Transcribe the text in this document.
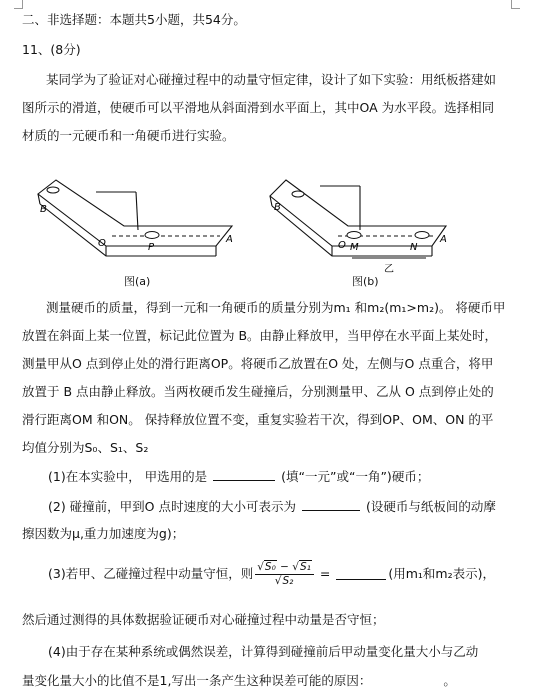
二、非选择题：本题共5小题，共54分。
11、(8分)
某同学为了验证对心碰撞过程中的动量守恒定律，设计了如下实验：用纸板搭建如
图所示的滑道，使硬币可以平滑地从斜面滑到水平面上，其中OA 为水平段。选择相同
材质的一元硬币和一角硬币进行实验。
B
O	P
A
图(a)
B
O M	N
A
乙
图(b)
测量硬币的质量，得到一元和一角硬币的质量分别为m₁ 和m₂(m₁>m₂)。 将硬币甲
放置在斜面上某一位置，标记此位置为 B。由静止释放甲，当甲停在水平面上某处时，
测量甲从O 点到停止处的滑行距离OP。将硬币乙放置在O 处，左侧与O 点重合，将甲
放置于 B 点由静止释放。当两枚硬币发生碰撞后，分别测量甲、乙从 O 点到停止处的
滑行距离OM 和ON。 保持释放位置不变，重复实验若干次，得到OP、OM、ON 的平
均值分别为S₀、S₁、S₂
(1)在本实验中， 甲选用的是	(填“一元”或“一角”)硬币；
(2) 碰撞前，甲到O 点时速度的大小可表示为	(设硬币与纸板间的动摩
擦因数为μ,重力加速度为g)；
(3)若甲、乙碰撞过程中动量守恒，则 $\frac{\text{√S₀ − √S₁}}{\text{√S₂}}$ =	(用m₁和m₂表示)，
然后通过测得的具体数据验证硬币对心碰撞过程中动量是否守恒；
(4)由于存在某种系统或偶然误差，计算得到碰撞前后甲动量变化量大小与乙动
量变化量大小的比值不是1,写出一条产生这种误差可能的原因：	。
